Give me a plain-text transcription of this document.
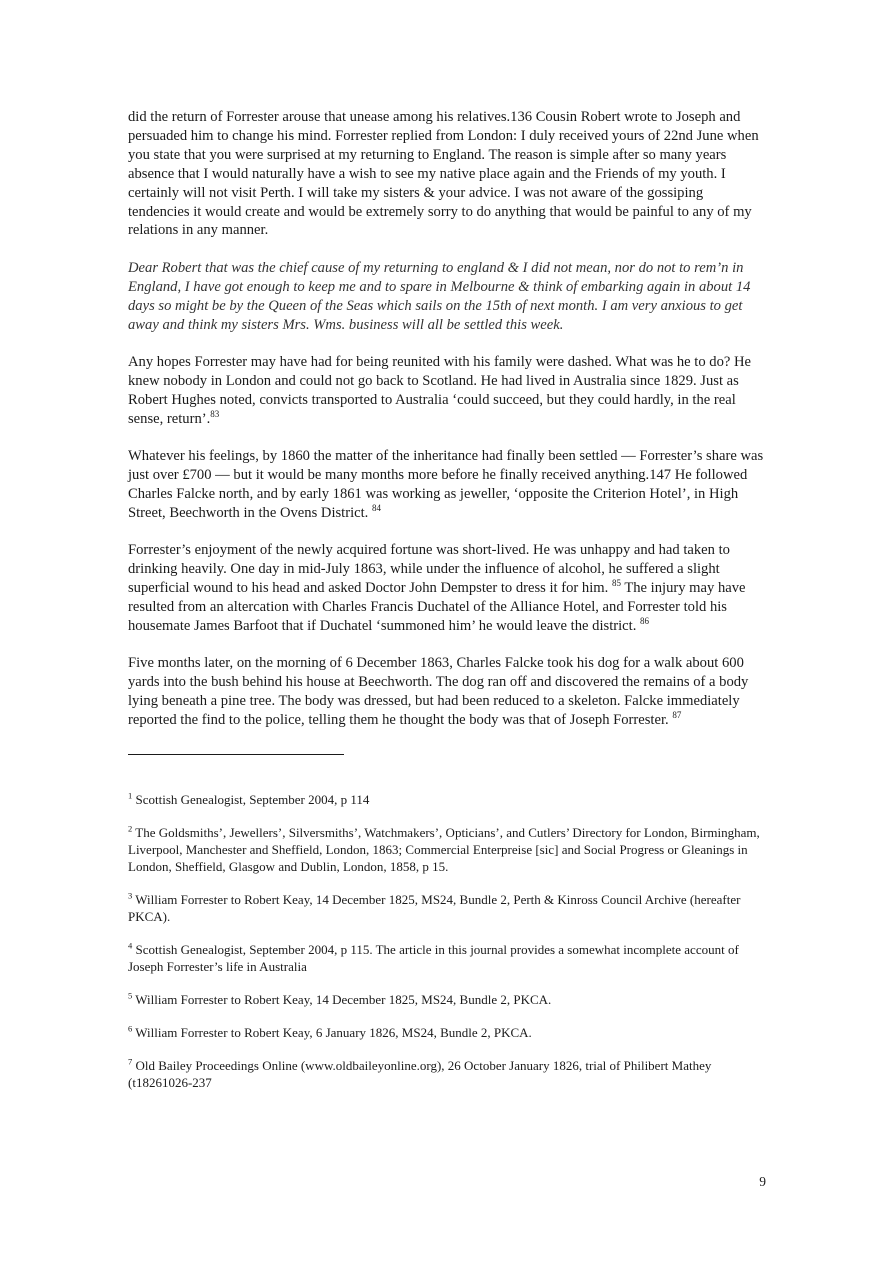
did the return of Forrester arouse that unease among his relatives.136 Cousin Robert wrote to Joseph and persuaded him to change his mind. Forrester replied from London: I duly received yours of 22nd June when you state that you were surprised at my returning to England. The reason is simple after so many years absence that I would naturally have a wish to see my native place again and the Friends of my youth. I certainly will not visit Perth. I will take my sisters & your advice. I was not aware of the gossiping tendencies it would create and would be extremely sorry to do anything that would be painful to any of my relations in any manner.

Dear Robert that was the chief cause of my returning to england & I did not mean, nor do not to rem’n in England, I have got enough to keep me and to spare in Melbourne & think of embarking again in about 14 days so might be by the Queen of the Seas which sails on the 15th of next month. I am very anxious to get away and think my sisters Mrs. Wms. business will all be settled this week.

Any hopes Forrester may have had for being reunited with his family were dashed. What was he to do? He knew nobody in London and could not go back to Scotland. He had lived in Australia since 1829. Just as Robert Hughes noted, convicts transported to Australia ‘could succeed, but they could hardly, in the real sense, return’.$^{83}$

Whatever his feelings, by 1860 the matter of the inheritance had finally been settled — Forrester’s share was just over £700 — but it would be many months more before he finally received anything.147 He followed Charles Falcke north, and by early 1861 was working as jeweller, ‘opposite the Criterion Hotel’, in High Street, Beechworth in the Ovens District. $^{84}$

Forrester’s enjoyment of the newly acquired fortune was short-lived. He was unhappy and had taken to drinking heavily. One day in mid-July 1863, while under the influence of alcohol, he suffered a slight superficial wound to his head and asked Doctor John Dempster to dress it for him. $^{85}$ The injury may have resulted from an altercation with Charles Francis Duchatel of the Alliance Hotel, and Forrester told his housemate James Barfoot that if Duchatel ‘summoned him’ he would leave the district. $^{86}$

Five months later, on the morning of 6 December 1863, Charles Falcke took his dog for a walk about 600 yards into the bush behind his house at Beechworth. The dog ran off and discovered the remains of a body lying beneath a pine tree. The body was dressed, but had been reduced to a skeleton. Falcke immediately reported the find to the police, telling them he thought the body was that of Joseph Forrester. $^{87}$

$^1$ Scottish Genealogist, September 2004, p 114

$^2$ The Goldsmiths’, Jewellers’, Silversmiths’, Watchmakers’, Opticians’, and Cutlers’ Directory for London, Birmingham, Liverpool, Manchester and Sheffield, London, 1863; Commercial Enterpreise [sic] and Social Progress or Gleanings in London, Sheffield, Glasgow and Dublin, London, 1858, p 15.

$^3$ William Forrester to Robert Keay, 14 December 1825, MS24, Bundle 2, Perth & Kinross Council Archive (hereafter PKCA).

$^4$ Scottish Genealogist, September 2004, p 115. The article in this journal provides a somewhat incomplete account of Joseph Forrester’s life in Australia

$^5$ William Forrester to Robert Keay, 14 December 1825, MS24, Bundle 2, PKCA.

$^6$ William Forrester to Robert Keay, 6 January 1826, MS24, Bundle 2, PKCA.

$^7$ Old Bailey Proceedings Online (www.oldbaileyonline.org), 26 October January 1826, trial of Philibert Mathey (t18261026-237

9
